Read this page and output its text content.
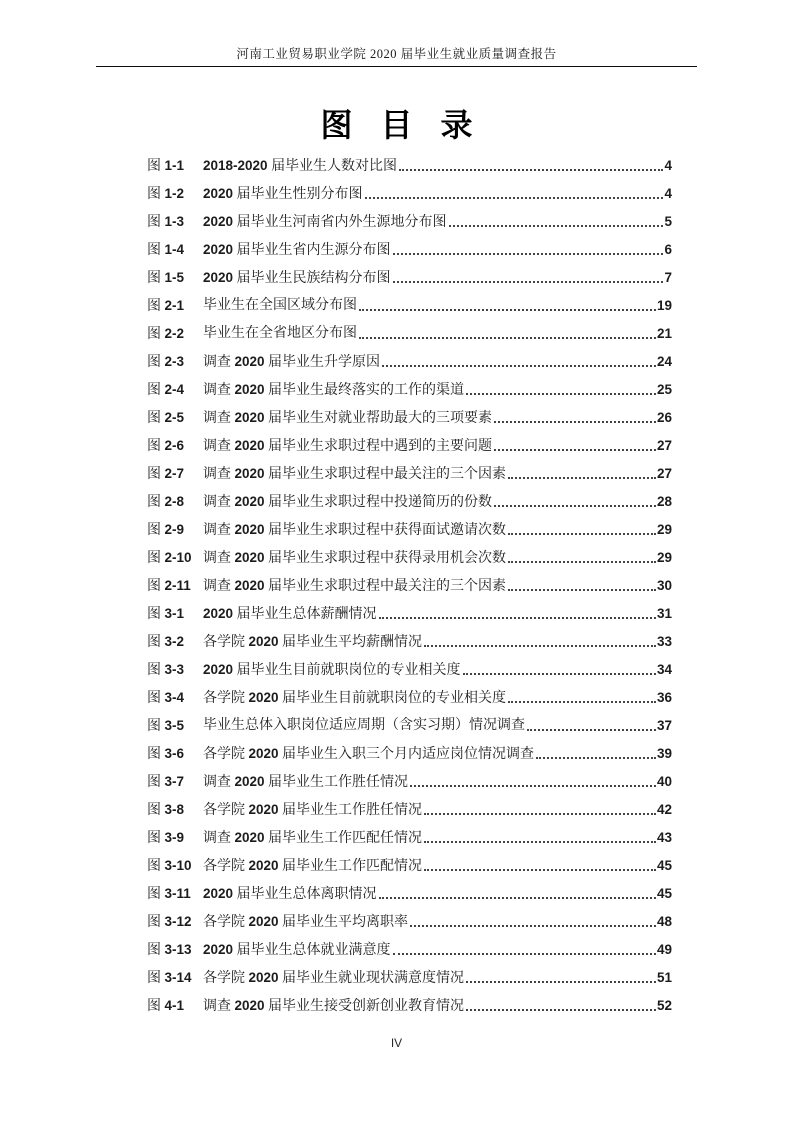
河南工业贸易职业学院 2020 届毕业生就业质量调查报告
图 目 录
图 1-1	2018-2020 届毕业生人数对比图	4
图 1-2	2020 届毕业生性别分布图	4
图 1-3	2020 届毕业生河南省内外生源地分布图	5
图 1-4	2020 届毕业生省内生源分布图	6
图 1-5	2020 届毕业生民族结构分布图	7
图 2-1	毕业生在全国区域分布图	19
图 2-2	毕业生在全省地区分布图	21
图 2-3	调查 2020 届毕业生升学原因	24
图 2-4	调查 2020 届毕业生最终落实的工作的渠道	25
图 2-5	调查 2020 届毕业生对就业帮助最大的三项要素	26
图 2-6	调查 2020 届毕业生求职过程中遇到的主要问题	27
图 2-7	调查 2020 届毕业生求职过程中最关注的三个因素	27
图 2-8	调查 2020 届毕业生求职过程中投递简历的份数	28
图 2-9	调查 2020 届毕业生求职过程中获得面试邀请次数	29
图 2-10 调查 2020 届毕业生求职过程中获得录用机会次数	29
图 2-11 调查 2020 届毕业生求职过程中最关注的三个因素	30
图 3-1	2020 届毕业生总体薪酬情况	31
图 3-2	各学院 2020 届毕业生平均薪酬情况	33
图 3-3	2020 届毕业生目前就职岗位的专业相关度	34
图 3-4	各学院 2020 届毕业生目前就职岗位的专业相关度	36
图 3-5	毕业生总体入职岗位适应周期（含实习期）情况调查	37
图 3-6	各学院 2020 届毕业生入职三个月内适应岗位情况调查	39
图 3-7	调查 2020 届毕业生工作胜任情况	40
图 3-8	各学院 2020 届毕业生工作胜任情况	42
图 3-9	调查 2020 届毕业生工作匹配任情况	43
图 3-10 各学院 2020 届毕业生工作匹配情况	45
图 3-11 2020 届毕业生总体离职情况	45
图 3-12 各学院 2020 届毕业生平均离职率	48
图 3-13 2020 届毕业生总体就业满意度	49
图 3-14 各学院 2020 届毕业生就业现状满意度情况	51
图 4-1	调查 2020 届毕业生接受创新创业教育情况	52
IV
